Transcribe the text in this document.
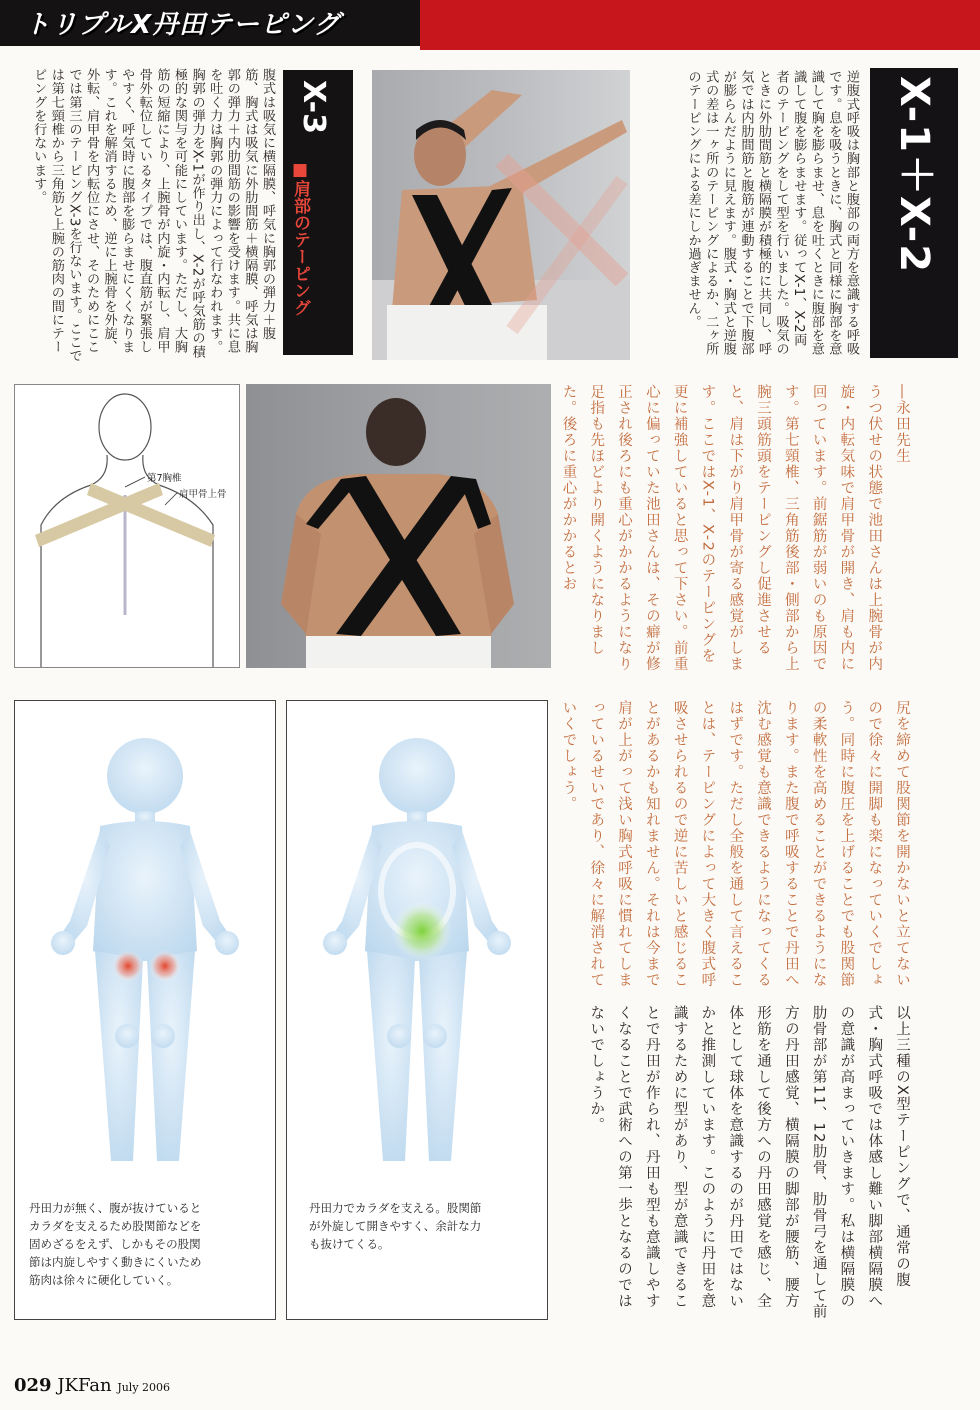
トリプルX丹田テーピング
X-1＋X-2
逆腹式呼吸は胸部と腹部の両方を意識する呼吸です。息を吸うときに、胸式と同様に胸部を意識して胸を膨らませ、息を吐くときに腹部を意識して腹を膨らませます。従ってX-1、X-2両者のテーピングをして型を行いました。吸気のときに外肋間筋と横隔膜が積極的に共同し、呼気では内肋間筋と腹筋が連動することで下腹部が膨らんだように見えます。腹式・胸式と逆腹式の差は一ヶ所のテーピングによるか、二ヶ所のテーピングによる差にしか過ぎません。
X-3
■肩部のテーピング
腹式は吸気に横隔膜、呼気に胸郭の弾力＋腹筋、胸式は吸気に外肋間筋＋横隔膜、呼気は胸郭の弾力＋内肋間筋の影響を受けます。共に息を吐く力は胸郭の弾力によって行なわれます。胸郭の弾力をX-1が作り出し、X-2が呼気筋の積極的な関与を可能にしています。ただし、大胸筋の短縮により、上腕骨が内旋・内転し、肩甲骨外転位しているタイプでは、腹直筋が緊張しやすく、呼気時に腹部を膨らませにくくなります。これを解消するため、逆に上腕骨を外旋、外転、肩甲骨を内転位にさせ、そのためにここでは第三のテーピングX-3を行ないます。ここでは第七頸椎から三角筋と上腕の筋肉の間にテーピングを行ないます。
第7胸椎
肩甲骨上骨

―永田先生

うつ伏せの状態で池田さんは上腕骨が内旋・内転気味で肩甲骨が開き、肩も内に回っています。前鋸筋が弱いのも原因です。第七頸椎、三角筋後部・側部から上腕三頭筋頭をテーピングし促進させると、肩は下がり肩甲骨が寄る感覚がします。ここではX-1、X-2のテーピングを更に補強していると思って下さい。前重心に偏っていた池田さんは、その癖が修正され後ろにも重心がかかるようになり足指も先ほどより開くようになりました。後ろに重心がかかるとお

尻を締めて股関節を開かないと立てないので徐々に開脚も楽になっていくでしょう。同時に腹圧を上げることでも股関節の柔軟性を高めることができるようになります。また腹で呼吸することで丹田へ沈む感覚も意識できるようになってくるはずです。ただし全般を通して言えることは、テーピングによって大きく腹式呼吸させられるので逆に苦しいと感じることがあるかも知れません。それは今まで肩が上がって浅い胸式呼吸に慣れてしまっているせいであり、徐々に解消されていくでしょう。
以上三種のX型テーピングで、通常の腹式・胸式呼吸では体感し難い脚部横隔膜への意識が高まっていきます。私は横隔膜の肋骨部が第11、12肋骨、肋骨弓を通して前方の丹田感覚、横隔膜の脚部が腰筋、腰方形筋を通して後方への丹田感覚を感じ、全体として球体を意識するのが丹田ではないかと推測しています。このように丹田を意識するために型があり、型が意識できることで丹田が作られ、丹田も型も意識しやすくなることで武術への第一歩となるのではないでしょうか。
丹田力が無く、腹が抜けていると
カラダを支えるため股関節などを
固めざるをえず、しかもその股関
節は内旋しやすく動きにくいため
筋肉は徐々に硬化していく。
丹田力でカラダを支える。股関節
が外旋して開きやすく、余計な力
も抜けてくる。
029 JKFan July 2006
